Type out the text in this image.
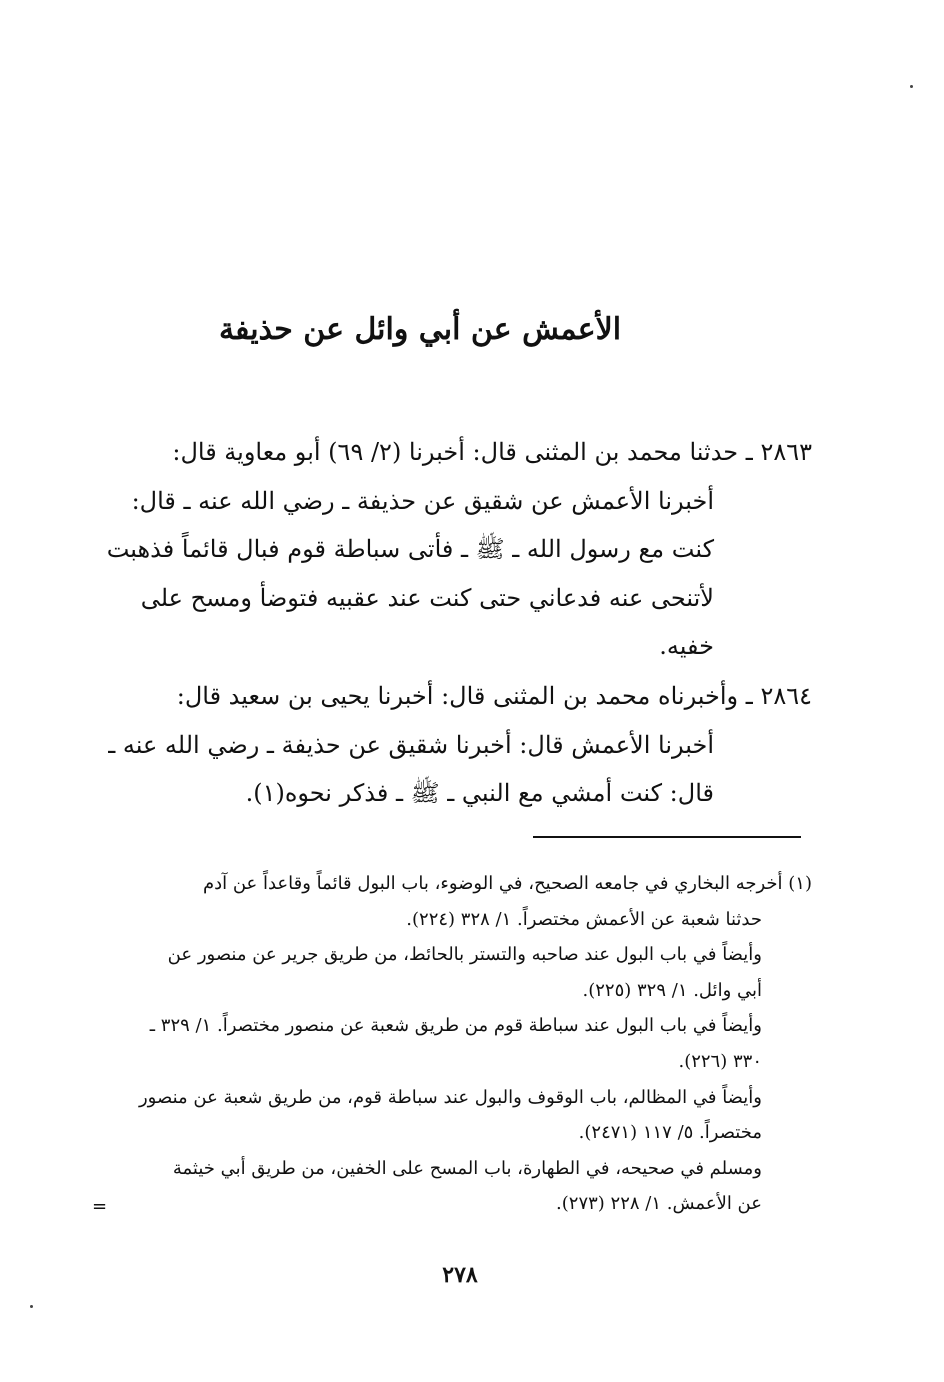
الأعمش عن أبي وائل عن حذيفة
٢٨٦٣ ـ حدثنا محمد بن المثنى قال: أخبرنا (٢/ ٦٩) أبو معاوية قال:
أخبرنا الأعمش عن شقيق عن حذيفة ـ رضي الله عنه ـ قال:
كنت مع رسول الله ـ ﷺ ـ فأتى سباطة قوم فبال قائماً فذهبت
لأتنحى عنه فدعاني حتى كنت عند عقبيه فتوضأ ومسح على
خفيه.
٢٨٦٤ ـ وأخبرناه محمد بن المثنى قال: أخبرنا يحيى بن سعيد قال:
أخبرنا الأعمش قال: أخبرنا شقيق عن حذيفة ـ رضي الله عنه ـ
قال: كنت أمشي مع النبي ـ ﷺ ـ فذكر نحوه(١).
(١) أخرجه البخاري في جامعه الصحيح، في الوضوء، باب البول قائماً وقاعداً عن آدم
حدثنا شعبة عن الأعمش مختصراً. ١/ ٣٢٨ (٢٢٤).
وأيضاً في باب البول عند صاحبه والتستر بالحائط، من طريق جرير عن منصور عن
أبي وائل. ١/ ٣٢٩ (٢٢٥).
وأيضاً في باب البول عند سباطة قوم من طريق شعبة عن منصور مختصراً. ١/ ٣٢٩ ـ
٣٣٠ (٢٢٦).
وأيضاً في المظالم، باب الوقوف والبول عند سباطة قوم، من طريق شعبة عن منصور
مختصراً. ٥/ ١١٧ (٢٤٧١).
ومسلم في صحيحه، في الطهارة، باب المسح على الخفين، من طريق أبي خيثمة
عن الأعمش. ١/ ٢٢٨ (٢٧٣).
=
٢٧٨
